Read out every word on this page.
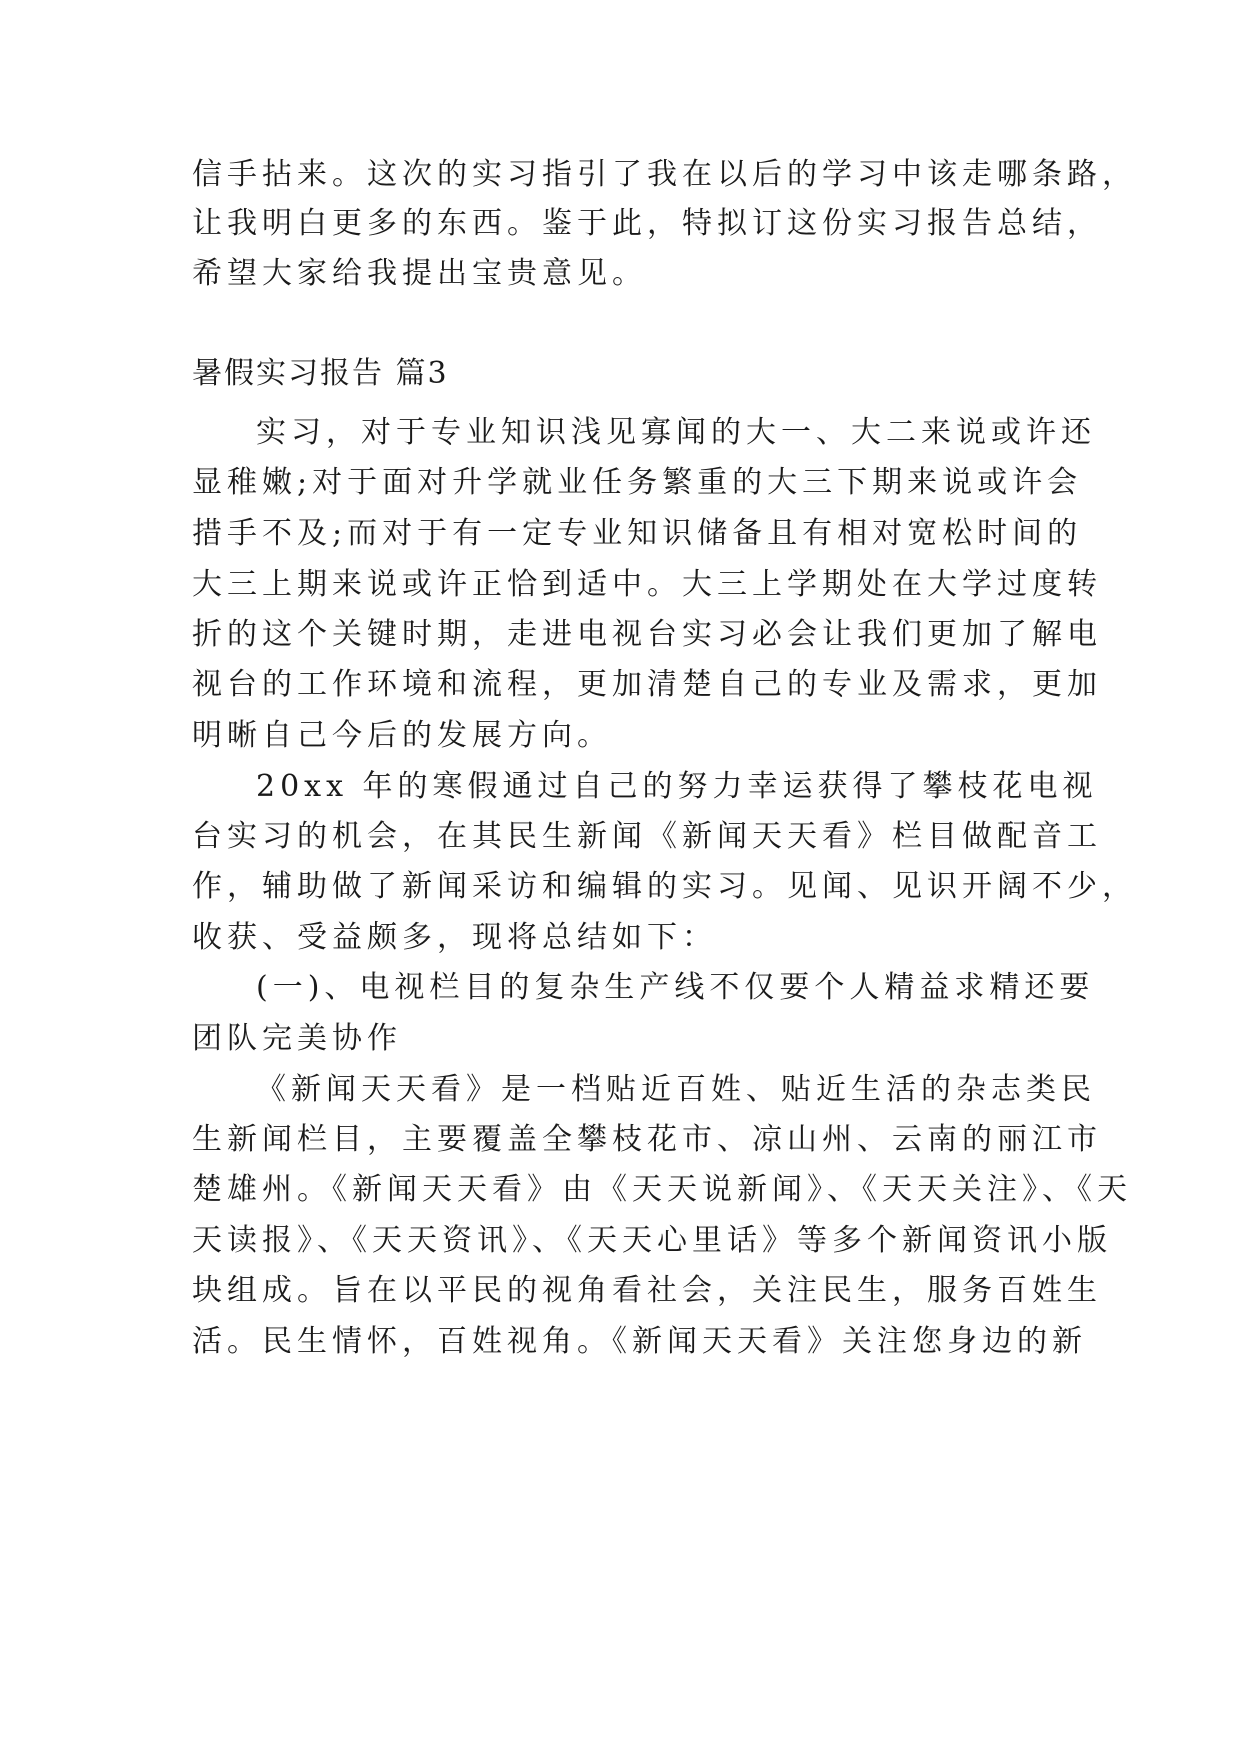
信手拈来。这次的实习指引了我在以后的学习中该走哪条路，
让我明白更多的东西。鉴于此，特拟订这份实习报告总结，
希望大家给我提出宝贵意见。
暑假实习报告 篇3
实习，对于专业知识浅见寡闻的大一、大二来说或许还
显稚嫩;对于面对升学就业任务繁重的大三下期来说或许会
措手不及;而对于有一定专业知识储备且有相对宽松时间的
大三上期来说或许正恰到适中。大三上学期处在大学过度转
折的这个关键时期，走进电视台实习必会让我们更加了解电
视台的工作环境和流程，更加清楚自己的专业及需求，更加
明晰自己今后的发展方向。
20xx 年的寒假通过自己的努力幸运获得了攀枝花电视
台实习的机会，在其民生新闻《新闻天天看》栏目做配音工
作，辅助做了新闻采访和编辑的实习。见闻、见识开阔不少，
收获、受益颇多，现将总结如下：
(一)、电视栏目的复杂生产线不仅要个人精益求精还要
团队完美协作
《新闻天天看》是一档贴近百姓、贴近生活的杂志类民
生新闻栏目，主要覆盖全攀枝花市、凉山州、云南的丽江市
楚雄州。《新闻天天看》由《天天说新闻》、《天天关注》、《天
天读报》、《天天资讯》、《天天心里话》等多个新闻资讯小版
块组成。旨在以平民的视角看社会，关注民生，服务百姓生
活。民生情怀，百姓视角。《新闻天天看》关注您身边的新
